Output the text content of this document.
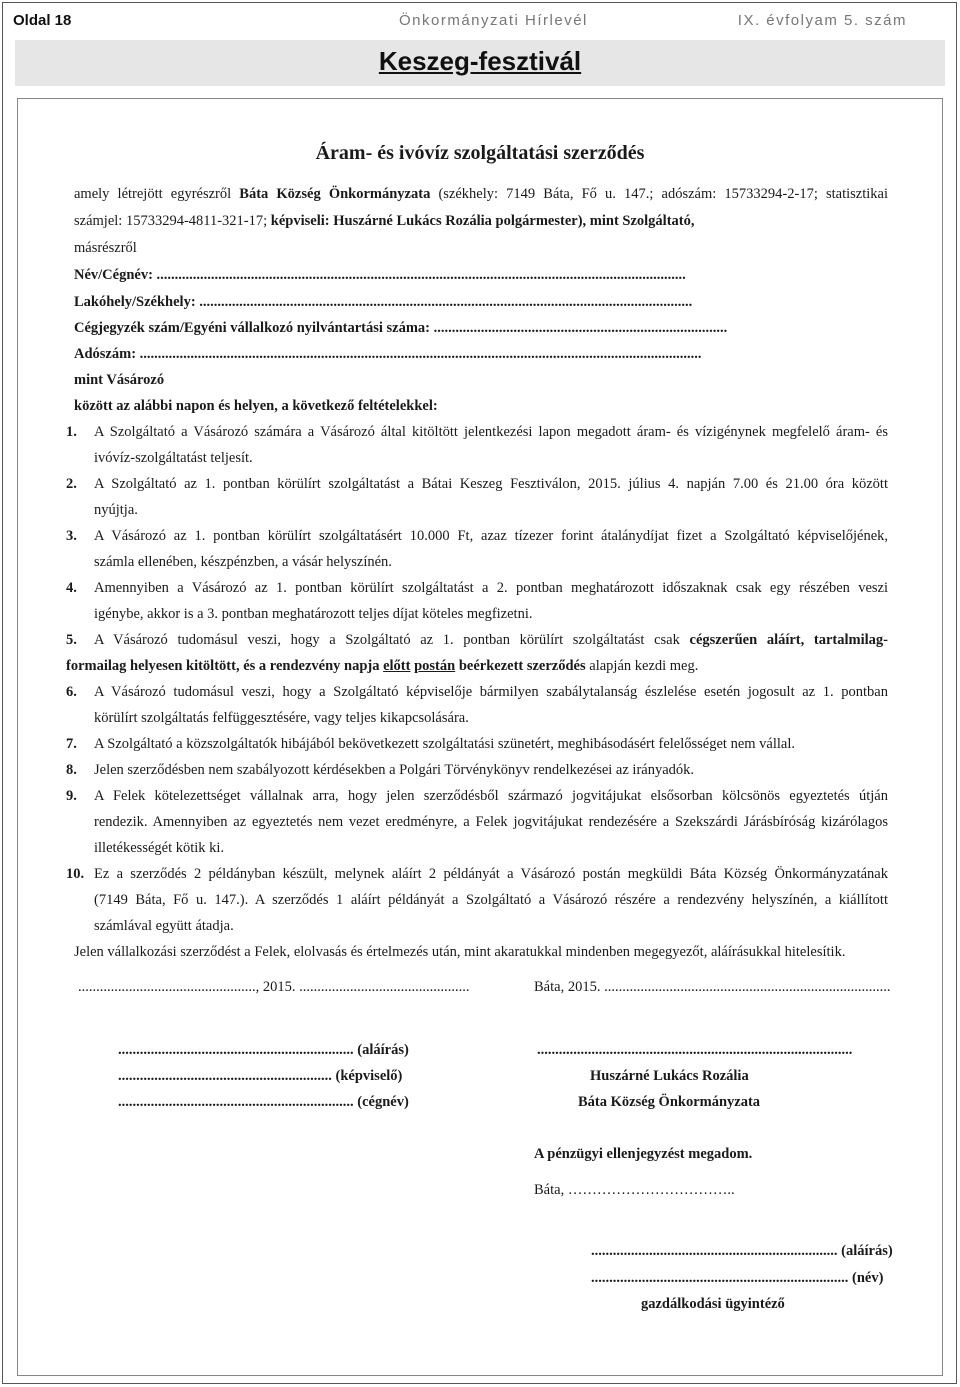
Oldal 18	Önkormányzati Hírlevél	IX. évfolyam 5. szám
Keszeg-fesztivál
Áram- és ivóvíz szolgáltatási szerződés
amely létrejött egyrészről Báta Község Önkormányzata (székhely: 7149 Báta, Fő u. 147.; adószám: 15733294-2-17; statisztikai
számjel: 15733294-4811-321-17; képviseli: Huszárné Lukács Rozália polgármester), mint Szolgáltató,
másrészről
Név/Cégnév: ..................................................................................................................................................
Lakóhely/Székhely: ........................................................................................................................................
Cégjegyzék szám/Egyéni vállalkozó nyilvántartási száma: .................................................................................
Adószám: ...........................................................................................................................................................
mint Vásározó
között az alábbi napon és helyen, a következő feltételekkel:
1. A Szolgáltató a Vásározó számára a Vásározó által kitöltött jelentkezési lapon megadott áram- és vízigénynek megfelelő áram- és
ivóvíz-szolgáltatást teljesít.
2. A Szolgáltató az 1. pontban körülírt szolgáltatást a Bátai Keszeg Fesztiválon, 2015. július 4. napján 7.00 és 21.00 óra között
nyújtja.
3. A Vásározó az 1. pontban körülírt szolgáltatásért 10.000 Ft, azaz tízezer forint átalánydíjat fizet a Szolgáltató képviselőjének,
számla ellenében, készpénzben, a vásár helyszínén.
4. Amennyiben a Vásározó az 1. pontban körülírt szolgáltatást a 2. pontban meghatározott időszaknak csak egy részében veszi
igénybe, akkor is a 3. pontban meghatározott teljes díjat köteles megfizetni.
5. A Vásározó tudomásul veszi, hogy a Szolgáltató az 1. pontban körülírt szolgáltatást csak cégszerűen aláírt, tartalmilag-
formailag helyesen kitöltött, és a rendezvény napja előtt postán beérkezett szerződés alapján kezdi meg.
6. A Vásározó tudomásul veszi, hogy a Szolgáltató képviselője bármilyen szabálytalanság észlelése esetén jogosult az 1. pontban
körülírt szolgáltatás felfüggesztésére, vagy teljes kikapcsolására.
7. A Szolgáltató a közszolgáltatók hibájából bekövetkezett szolgáltatási szünetért, meghibásodásért felelősséget nem vállal.
8. Jelen szerződésben nem szabályozott kérdésekben a Polgári Törvénykönyv rendelkezései az irányadók.
9. A Felek kötelezettséget vállalnak arra, hogy jelen szerződésből származó jogvitájukat elsősorban kölcsönös egyeztetés útján
rendezik. Amennyiben az egyeztetés nem vezet eredményre, a Felek jogvitájukat rendezésére a Szekszárdi Járásbíróság kizárólagos
illetékességét kötik ki.
10. Ez a szerződés 2 példányban készült, melynek aláírt 2 példányát a Vásározó postán megküldi Báta Község Önkormányzatának
(7149 Báta, Fő u. 147.). A szerződés 1 aláírt példányát a Szolgáltató a Vásározó részére a rendezvény helyszínén, a kiállított
számlával együtt átadja.
Jelen vállalkozási szerződést a Felek, elolvasás és értelmezés után, mint akaratukkal mindenben megegyezőt, aláírásukkal hitelesítik.
................................................., 2015. ...............................................	Báta, 2015. ...............................................................................
................................................................. (aláírás)
........................................................... (képviselő)
................................................................. (cégnév)
.......................................................................................
Huszárné Lukács Rozália
Báta Község Önkormányzata
A pénzügyi ellenjegyzést megadom.
Báta, ……………………………..
.................................................................... (aláírás)
....................................................................... (név)
gazdálkodási ügyintéző
